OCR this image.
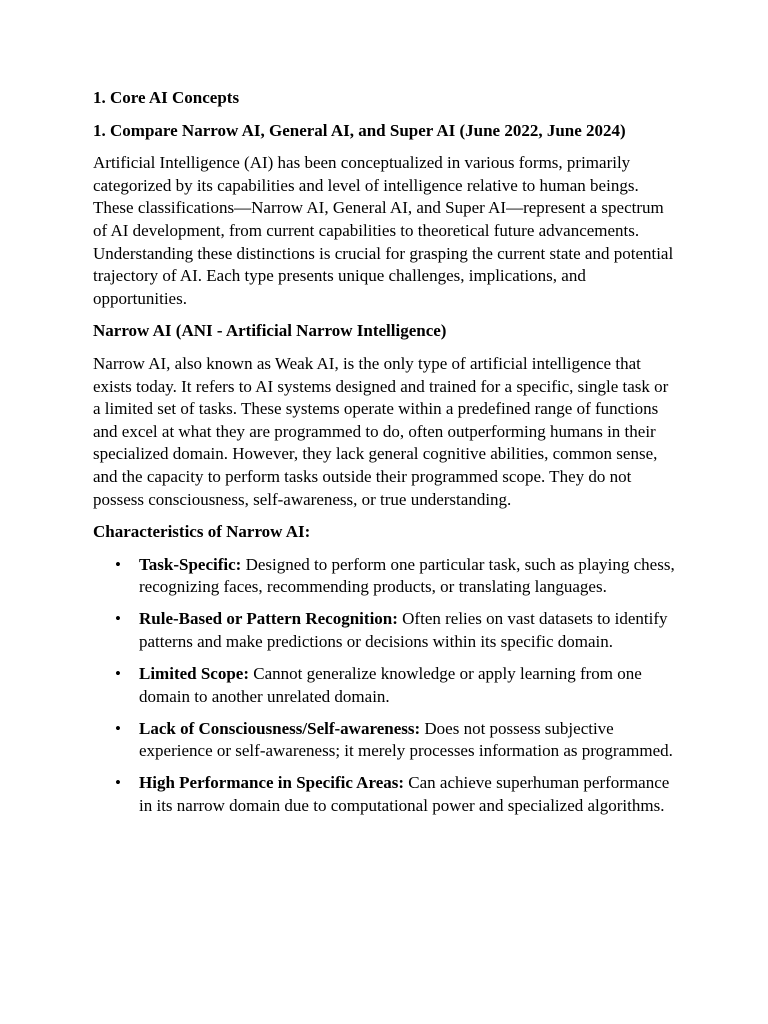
1. Core AI Concepts
1. Compare Narrow AI, General AI, and Super AI (June 2022, June 2024)

Artificial Intelligence (AI) has been conceptualized in various forms, primarily categorized by its capabilities and level of intelligence relative to human beings. These classifications—Narrow AI, General AI, and Super AI—represent a spectrum of AI development, from current capabilities to theoretical future advancements. Understanding these distinctions is crucial for grasping the current state and potential trajectory of AI. Each type presents unique challenges, implications, and opportunities.

Narrow AI (ANI - Artificial Narrow Intelligence)

Narrow AI, also known as Weak AI, is the only type of artificial intelligence that exists today. It refers to AI systems designed and trained for a specific, single task or a limited set of tasks. These systems operate within a predefined range of functions and excel at what they are programmed to do, often outperforming humans in their specialized domain. However, they lack general cognitive abilities, common sense, and the capacity to perform tasks outside their programmed scope. They do not possess consciousness, self-awareness, or true understanding.

Characteristics of Narrow AI:
• Task-Specific: Designed to perform one particular task, such as playing chess, recognizing faces, recommending products, or translating languages.
• Rule-Based or Pattern Recognition: Often relies on vast datasets to identify patterns and make predictions or decisions within its specific domain.
• Limited Scope: Cannot generalize knowledge or apply learning from one domain to another unrelated domain.
• Lack of Consciousness/Self-awareness: Does not possess subjective experience or self-awareness; it merely processes information as programmed.
• High Performance in Specific Areas: Can achieve superhuman performance in its narrow domain due to computational power and specialized algorithms.
